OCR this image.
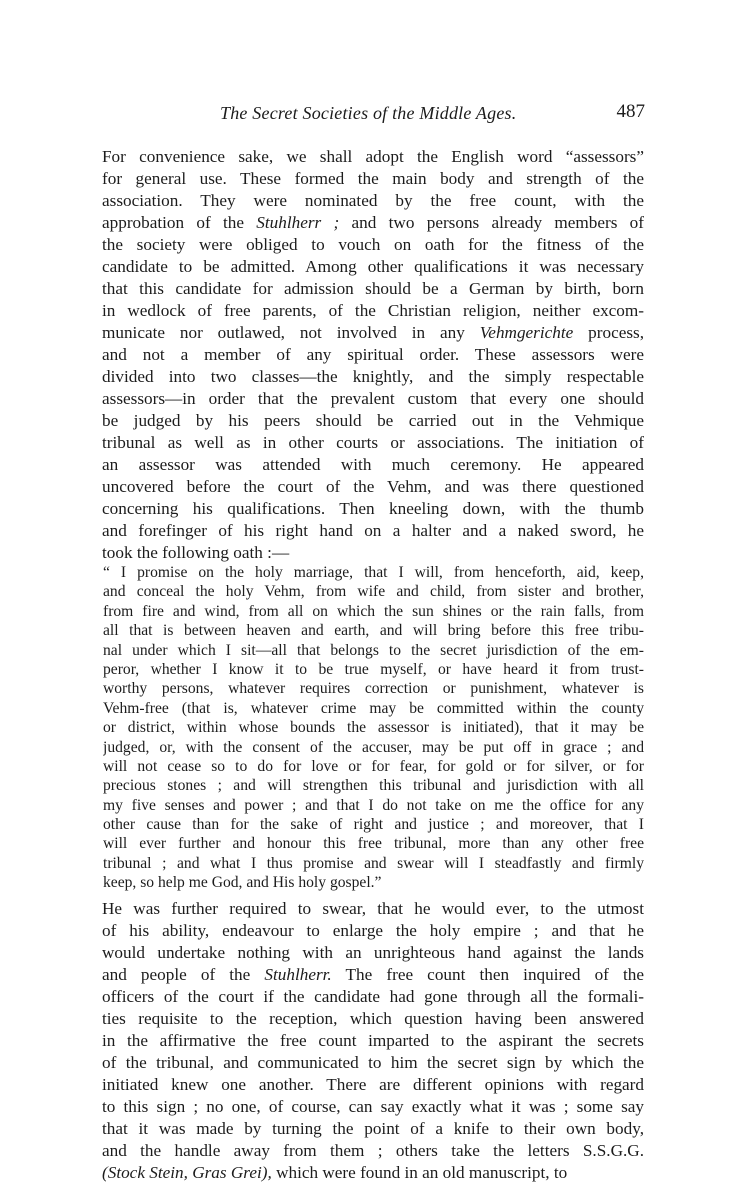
The Secret Societies of the Middle Ages.	487
For convenience sake, we shall adopt the English word “assessors”
for general use. These formed the main body and strength of the
association. They were nominated by the free count, with the
approbation of the Stuhlherr ; and two persons already members of
the society were obliged to vouch on oath for the fitness of the
candidate to be admitted. Among other qualifications it was necessary
that this candidate for admission should be a German by birth, born
in wedlock of free parents, of the Christian religion, neither excom-
municate nor outlawed, not involved in any Vehmgerichte process,
and not a member of any spiritual order. These assessors were
divided into two classes—the knightly, and the simply respectable
assessors—in order that the prevalent custom that every one should
be judged by his peers should be carried out in the Vehmique
tribunal as well as in other courts or associations. The initiation of
an assessor was attended with much ceremony. He appeared
uncovered before the court of the Vehm, and was there questioned
concerning his qualifications. Then kneeling down, with the thumb
and forefinger of his right hand on a halter and a naked sword, he
took the following oath :—
“ I promise on the holy marriage, that I will, from henceforth, aid, keep,
and conceal the holy Vehm, from wife and child, from sister and brother,
from fire and wind, from all on which the sun shines or the rain falls, from
all that is between heaven and earth, and will bring before this free tribu-
nal under which I sit—all that belongs to the secret jurisdiction of the em-
peror, whether I know it to be true myself, or have heard it from trust-
worthy persons, whatever requires correction or punishment, whatever is
Vehm-free (that is, whatever crime may be committed within the county
or district, within whose bounds the assessor is initiated), that it may be
judged, or, with the consent of the accuser, may be put off in grace ; and
will not cease so to do for love or for fear, for gold or for silver, or for
precious stones ; and will strengthen this tribunal and jurisdiction with all
my five senses and power ; and that I do not take on me the office for any
other cause than for the sake of right and justice ; and moreover, that I
will ever further and honour this free tribunal, more than any other free
tribunal ; and what I thus promise and swear will I steadfastly and firmly
keep, so help me God, and His holy gospel.”
He was further required to swear, that he would ever, to the utmost
of his ability, endeavour to enlarge the holy empire ; and that he
would undertake nothing with an unrighteous hand against the lands
and people of the Stuhlherr. The free count then inquired of the
officers of the court if the candidate had gone through all the formali-
ties requisite to the reception, which question having been answered
in the affirmative the free count imparted to the aspirant the secrets
of the tribunal, and communicated to him the secret sign by which the
initiated knew one another. There are different opinions with regard
to this sign ; no one, of course, can say exactly what it was ; some say
that it was made by turning the point of a knife to their own body,
and the handle away from them ; others take the letters S.S.G.G.
(Stock Stein, Gras Grei), which were found in an old manuscript, to
